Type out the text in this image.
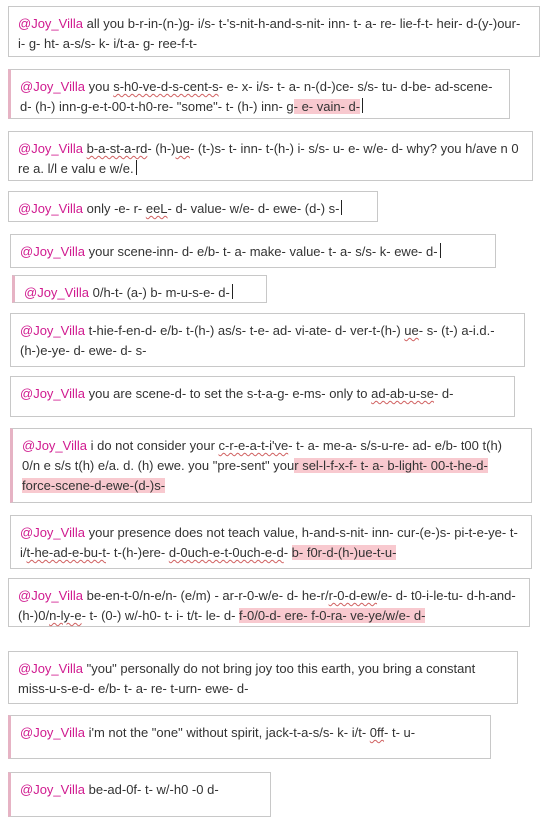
@Joy_Villa all you b-r-in-(n-)g- i/s- t-'s-nit-h-and-s-nit- inn- t- a- re- lie-f-t- heir- d-(y-)our- i- g- ht- a-s/s- k- i/t-a- g- ree-f-t-
@Joy_Villa you s-h0-ve-d-s-cent-s- e- x- i/s- t- a- n-(d-)ce- s/s- tu- d-be- ad-scene- d- (h-) inn-g-e-t-00-t-h0-re- "some"- t- (h-) inn- g- e- vain- d-
@Joy_Villa b-a-st-a-rd- (h-)ue- (t-)s- t- inn- t-(h-) i- s/s- u- e- w/e- d- why? you h/ave n 0 re a. l/l e valu e w/e.
@Joy_Villa only -e- r- eeL- d- value- w/e- d- ewe- (d-) s-
@Joy_Villa your scene-inn- d- e/b- t- a- make- value- t- a- s/s- k- ewe- d-
@Joy_Villa 0/h-t- (a-) b- m-u-s-e- d-
@Joy_Villa t-hie-f-en-d- e/b- t-(h-) as/s- t-e- ad- vi-ate- d- ver-t-(h-) ue- s- (t-) a-i.d.- (h-)e-ye- d- ewe- d- s-
@Joy_Villa you are scene-d- to set the s-t-a-g- e-ms- only to ad-ab-u-se- d-
@Joy_Villa i do not consider your c-r-e-a-t-i've- t- a- me-a- s/s-u-re- ad- e/b- t00 t(h) 0/n e s/s t(h) e/a. d. (h) ewe. you "pre-sent" your sel-l-f-x-f- t- a- b-light- 00-t-he-d- force-scene-d-ewe-(d-)s-
@Joy_Villa your presence does not teach value, h-and-s-nit- inn- cur-(e-)s- pi-t-e-ye- t- i/t-he-ad-e-bu-t- t-(h-)ere- d-0uch-e-t-0uch-e-d- b- f0r-d-(h-)ue-t-u-
@Joy_Villa be-en-t-0/n-e/n- (e/m) - ar-r-0-w/e- d- he-r/r-0-d-ew/e- d- t0-i-le-tu- d-h-and- (h-)0/n-ly-e- t- (0-) w/-h0- t- i- t/t- le- d- f-0/0-d- ere- f-0-ra- ve-ye/w/e- d-
@Joy_Villa "you" personally do not bring joy too this earth, you bring a constant miss-u-s-e-d- e/b- t- a- re- t-urn- ewe- d-
@Joy_Villa i'm not the "one" without spirit, jack-t-a-s/s- k- i/t- 0ff- t- u-
@Joy_Villa be-ad-0f- t- w/-h0 -0 d-
